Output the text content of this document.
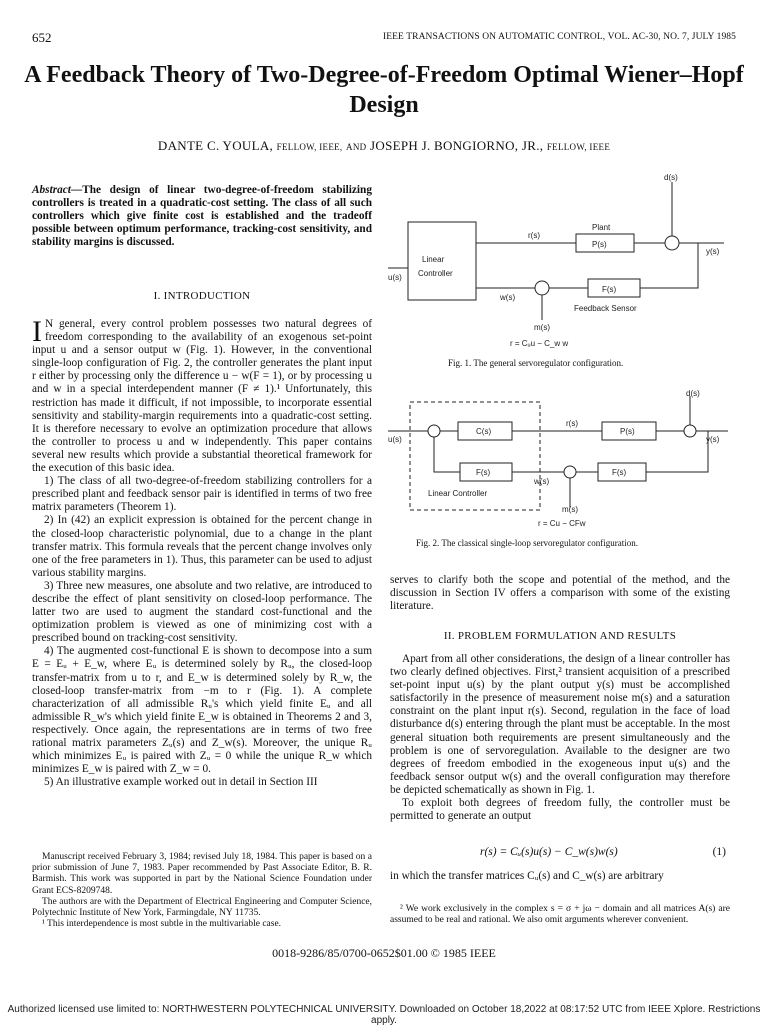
652	IEEE TRANSACTIONS ON AUTOMATIC CONTROL, VOL. AC-30, NO. 7, JULY 1985
A Feedback Theory of Two-Degree-of-Freedom Optimal Wiener–Hopf Design
DANTE C. YOULA, FELLOW, IEEE, AND JOSEPH J. BONGIORNO, JR., FELLOW, IEEE
Abstract—The design of linear two-degree-of-freedom stabilizing controllers is treated in a quadratic-cost setting. The class of all such controllers which give finite cost is established and the tradeoff possible between optimum performance, tracking-cost sensitivity, and stability margins is discussed.
I. INTRODUCTION

I N general, every control problem possesses two natural degrees of freedom corresponding to the availability of an exogenous set-point input u and a sensor output w (Fig. 1). However, in the conventional single-loop configuration of Fig. 2, the controller generates the plant input r either by processing only the difference u − w(F = 1), or by processing u and w in a special interdependent manner (F ≠ 1).¹ Unfortunately, this restriction has made it difficult, if not impossible, to incorporate essential sensitivity and stability-margin requirements into a quadratic-cost setting. It is therefore necessary to evolve an optimization procedure that allows the controller to process u and w independently. This paper contains several new results which provide a substantial theoretical framework for the execution of this basic idea.

1) The class of all two-degree-of-freedom stabilizing controllers for a prescribed plant and feedback sensor pair is identified in terms of two free matrix parameters (Theorem 1).

2) In (42) an explicit expression is obtained for the percent change in the closed-loop characteristic polynomial, due to a change in the plant transfer matrix. This formula reveals that the percent change involves only one of the free parameters in 1). Thus, this parameter can be used to adjust various stability margins.

3) Three new measures, one absolute and two relative, are introduced to describe the effect of plant sensitivity on closed-loop performance. The latter two are used to augment the standard cost-functional and the optimization problem is viewed as one of minimizing cost with a prescribed bound on tracking-cost sensitivity.

4) The augmented cost-functional E is shown to decompose into a sum E = Eᵤ + E_w, where Eᵤ is determined solely by Rᵤ, the closed-loop transfer-matrix from u to r, and E_w is determined solely by R_w, the closed-loop transfer-matrix from −m to r (Fig. 1). A complete characterization of all admissible Rᵤ's which yield finite Eᵤ and all admissible R_w's which yield finite E_w is obtained in Theorems 2 and 3, respectively. Once again, the representations are in terms of two free rational matrix parameters Zᵤ(s) and Z_w(s). Moreover, the unique Rᵤ which minimizes Eᵤ is paired with Zᵤ = 0 while the unique R_w which minimizes E_w is paired with Z_w = 0.

5) An illustrative example worked out in detail in Section III

Manuscript received February 3, 1984; revised July 18, 1984. This paper is based on a prior submission of June 7, 1983. Paper recommended by Past Associate Editor, B. R. Barmish. This work was supported in part by the National Science Foundation under Grant ECS-8209748.

The authors are with the Department of Electrical Engineering and Computer Science, Polytechnic Institute of New York, Farmingdale, NY 11735.

¹ This interdependence is most subtle in the multivariable case.

d(s)
Plant
P(s)
Linear
Controller
r(s)
y(s)
u(s)
w(s)
F(s)
Feedback Sensor
m(s)
r = Cᵤu − C_w w
Fig. 1. The general servoregulator configuration.
d(s)
u(s)
C(s)
r(s)
P(s)
y(s)
F(s)
w(s)
F(s)
Linear Controller
m(s)
r = Cu − CFw
Fig. 2. The classical single-loop servoregulator configuration.

serves to clarify both the scope and potential of the method, and the discussion in Section IV offers a comparison with some of the existing literature.

II. PROBLEM FORMULATION AND RESULTS

Apart from all other considerations, the design of a linear controller has two clearly defined objectives. First,² transient acquisition of a prescribed set-point input u(s) by the plant output y(s) must be accomplished satisfactorily in the presence of measurement noise m(s) and a saturation constraint on the plant input r(s). Second, regulation in the face of load disturbance d(s) entering through the plant must be acceptable. In the most general situation both requirements are present simultaneously and the problem is one of servoregulation. Available to the designer are two degrees of freedom embodied in the exogeneous input u(s) and the feedback sensor output w(s) and the overall configuration may therefore be depicted schematically as shown in Fig. 1.

To exploit both degrees of freedom fully, the controller must be permitted to generate an output

r(s) = Cᵤ(s)u(s) − C_w(s)w(s)	(1)
in which the transfer matrices Cᵤ(s) and C_w(s) are arbitrary

² We work exclusively in the complex s = σ + jω − domain and all matrices A(s) are assumed to be real and rational. We also omit arguments wherever convenient.

0018-9286/85/0700-0652$01.00 © 1985 IEEE
Authorized licensed use limited to: NORTHWESTERN POLYTECHNICAL UNIVERSITY. Downloaded on October 18,2022 at 08:17:52 UTC from IEEE Xplore. Restrictions apply.
